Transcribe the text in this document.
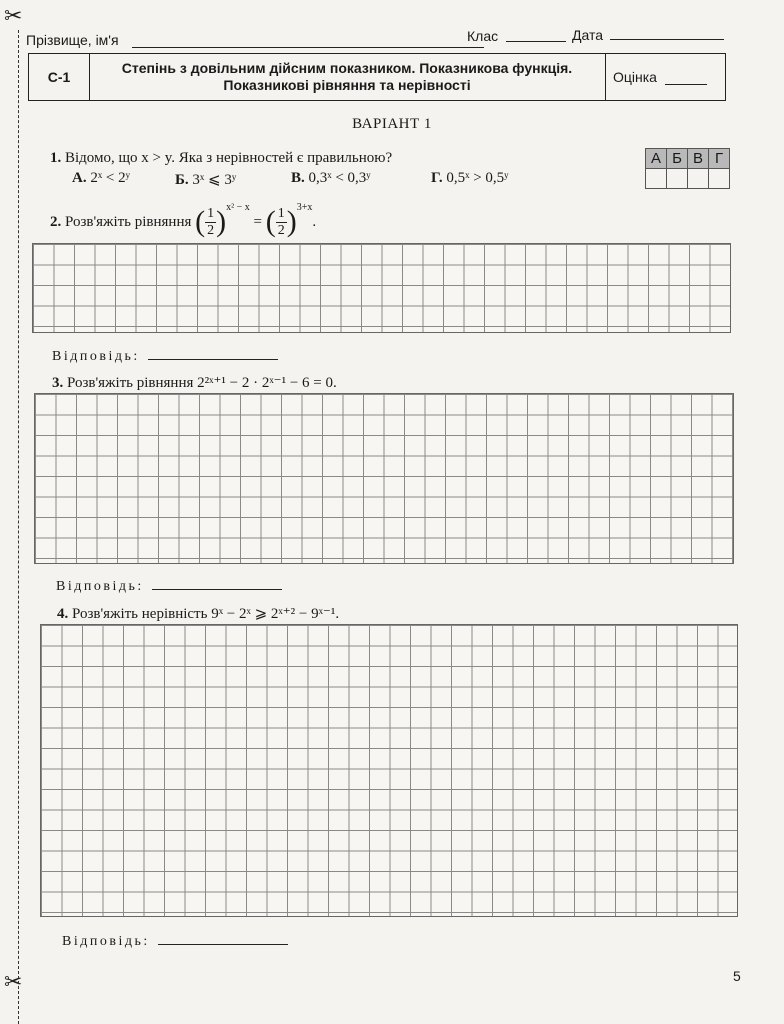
✂
✂
Прізвище, ім'я	Клас	Дата
С-1
Степінь з довільним дійсним показником. Показникова функція.
Показникові рівняння та нерівності	Оцінка
ВАРІАНТ 1
1. Відомо, що x > y. Яка з нерівностей є правильною?
А. 2ˣ < 2ʸ	Б. 3ˣ ⩽ 3ʸ	В. 0,3ˣ < 0,3ʸ	Г. 0,5ˣ > 0,5ʸ
А	Б	В	Г

2.
Розв'яжіть рівняння
( $\frac{1}{2} )^{x^2 - x}$
= ( $\frac{1}{2} )^{3+x}$
.
Відповідь:
3. Розв'яжіть рівняння 2²ˣ⁺¹ − 2 · 2ˣ⁻¹ − 6 = 0.
Відповідь:
4. Розв'яжіть нерівність 9ˣ − 2ˣ ⩾ 2ˣ⁺² − 9ˣ⁻¹.
Відповідь:
5
